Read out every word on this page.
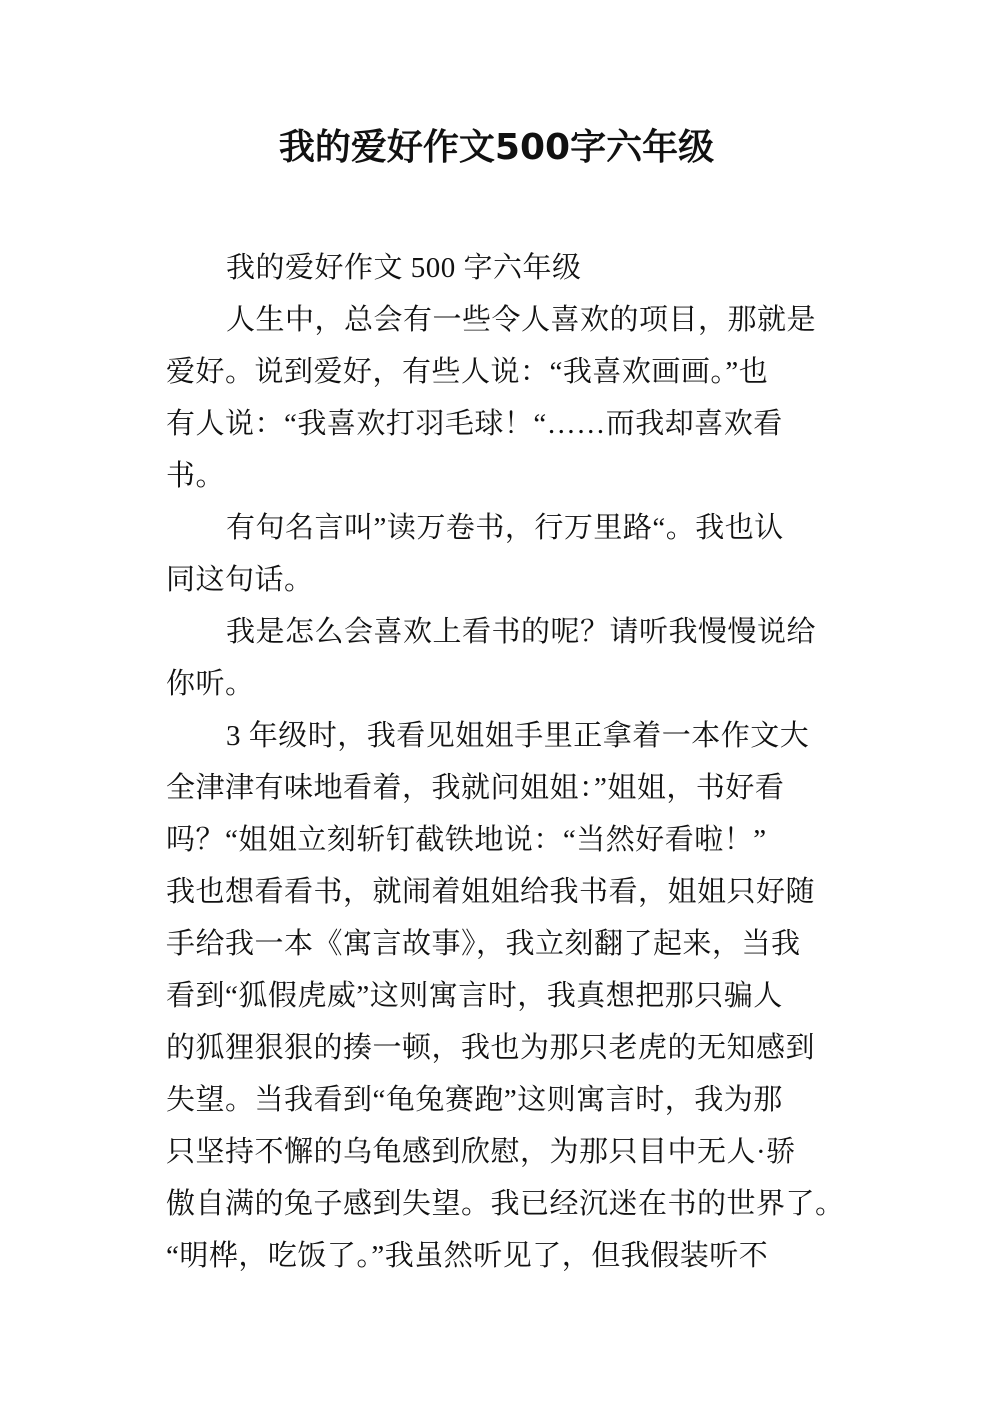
我的爱好作文500字六年级
我的爱好作文 500 字六年级
人生中，总会有一些令人喜欢的项目，那就是
爱好。说到爱好，有些人说：“我喜欢画画。”也
有人说：“我喜欢打羽毛球！“……而我却喜欢看
书。
有句名言叫”读万卷书，行万里路“。我也认
同这句话。
我是怎么会喜欢上看书的呢？请听我慢慢说给
你听。
3 年级时，我看见姐姐手里正拿着一本作文大
全津津有味地看着，我就问姐姐：”姐姐，书好看
吗？“姐姐立刻斩钉截铁地说：“当然好看啦！”
我也想看看书，就闹着姐姐给我书看，姐姐只好随
手给我一本《寓言故事》，我立刻翻了起来，当我
看到“狐假虎威”这则寓言时，我真想把那只骗人
的狐狸狠狠的揍一顿，我也为那只老虎的无知感到
失望。当我看到“龟兔赛跑”这则寓言时，我为那
只坚持不懈的乌龟感到欣慰，为那只目中无人·骄
傲自满的兔子感到失望。我已经沉迷在书的世界了。
“明桦，吃饭了。”我虽然听见了，但我假装听不
